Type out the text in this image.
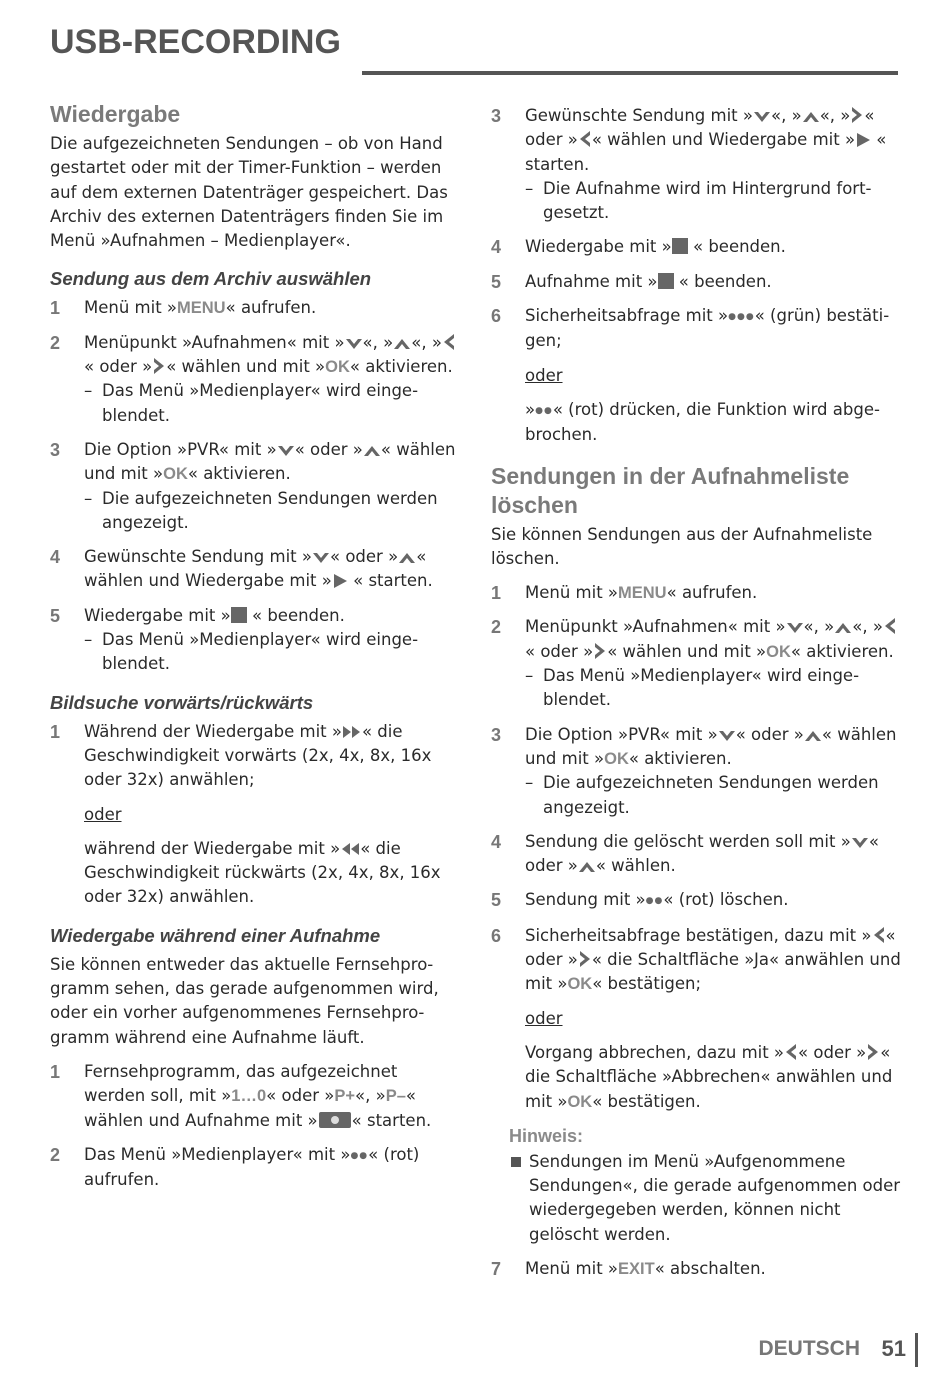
USB-RECORDING
Wiedergabe
Die aufgezeichneten Sendungen – ob von Hand gestartet oder mit der Timer-Funktion – werden auf dem externen Datenträger gespeichert. Das Archiv des externen Datenträgers finden Sie im Menü »Aufnahmen – Medienplayer«.
Sendung aus dem Archiv auswählen
1 Menü mit »MENU« aufrufen.
2 Menüpunkt »Aufnahmen« mit » «, » «, »« oder » « wählen und mit »OK« aktivieren.
– Das Menü »Medienplayer« wird eingeblendet.
3 Die Option »PVR« mit » « oder » « wählen und mit »OK« aktivieren.
– Die aufgezeichneten Sendungen werden angezeigt.
4 Gewünschte Sendung mit » « oder » « wählen und Wiedergabe mit » « starten.
5 Wiedergabe mit » « beenden.
– Das Menü »Medienplayer« wird eingeblendet.
Bildsuche vorwärts/rückwärts
1 Während der Wiedergabe mit » « die Geschwindigkeit vorwärts (2x, 4x, 8x, 16x oder 32x) anwählen;
oder
während der Wiedergabe mit » « die Geschwindigkeit rückwärts (2x, 4x, 8x, 16x oder 32x) anwählen.
Wiedergabe während einer Aufnahme
Sie können entweder das aktuelle Fernsehprogramm sehen, das gerade aufgenommen wird, oder ein vorher aufgenommenes Fernsehprogramm während eine Aufnahme läuft.
1 Fernsehprogramm, das aufgezeichnet werden soll, mit »1…0« oder »P+«, »P–« wählen und Aufnahme mit » « starten.
2 Das Menü »Medienplayer« mit »●●« (rot) aufrufen.
3 Gewünschte Sendung mit » «, » «, » « oder » « wählen und Wiedergabe mit » « starten.
– Die Aufnahme wird im Hintergrund fortgesetzt.
4 Wiedergabe mit » « beenden.
5 Aufnahme mit » « beenden.
6 Sicherheitsabfrage mit »●●●« (grün) bestätigen;
oder
»●●« (rot) drücken, die Funktion wird abgebrochen.
Sendungen in der Aufnahmeliste löschen
Sie können Sendungen aus der Aufnahmeliste löschen.
1 Menü mit »MENU« aufrufen.
2 Menüpunkt »Aufnahmen« mit » «, » «, »« oder » « wählen und mit »OK« aktivieren.
– Das Menü »Medienplayer« wird eingeblendet.
3 Die Option »PVR« mit » « oder » « wählen und mit »OK« aktivieren.
– Die aufgezeichneten Sendungen werden angezeigt.
4 Sendung die gelöscht werden soll mit » « oder » « wählen.
5 Sendung mit »●●« (rot) löschen.
6 Sicherheitsabfrage bestätigen, dazu mit » « oder » « die Schaltfläche »Ja« anwählen und mit »OK« bestätigen;
oder
Vorgang abbrechen, dazu mit » « oder » « die Schaltfläche »Abbrechen« anwählen und mit »OK« bestätigen.
Hinweis:
Sendungen im Menü »Aufgenommene Sendungen«, die gerade aufgenommen oder wiedergegeben werden, können nicht gelöscht werden.
7 Menü mit »EXIT« abschalten.
DEUTSCH 51
